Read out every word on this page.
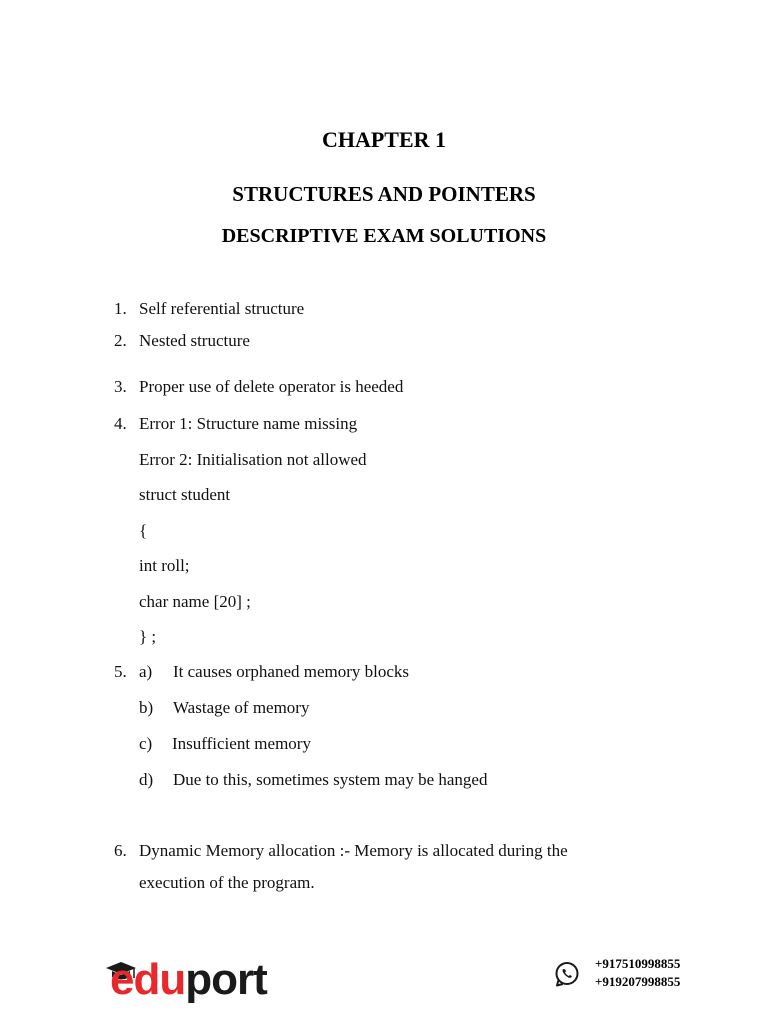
CHAPTER 1
STRUCTURES AND POINTERS
DESCRIPTIVE EXAM SOLUTIONS
1. Self referential structure
2. Nested structure
3. Proper use of delete operator is heeded
4. Error 1: Structure name missing
Error 2: Initialisation not allowed
struct student
{
int roll;
char name [20] ;
} ;
5. a) It causes orphaned memory blocks
b) Wastage of memory
c) Insufficient memory
d) Due to this, sometimes system may be hanged
6. Dynamic Memory allocation :- Memory is allocated during the
execution of the program.
eduport	+917510998855
+919207998855
